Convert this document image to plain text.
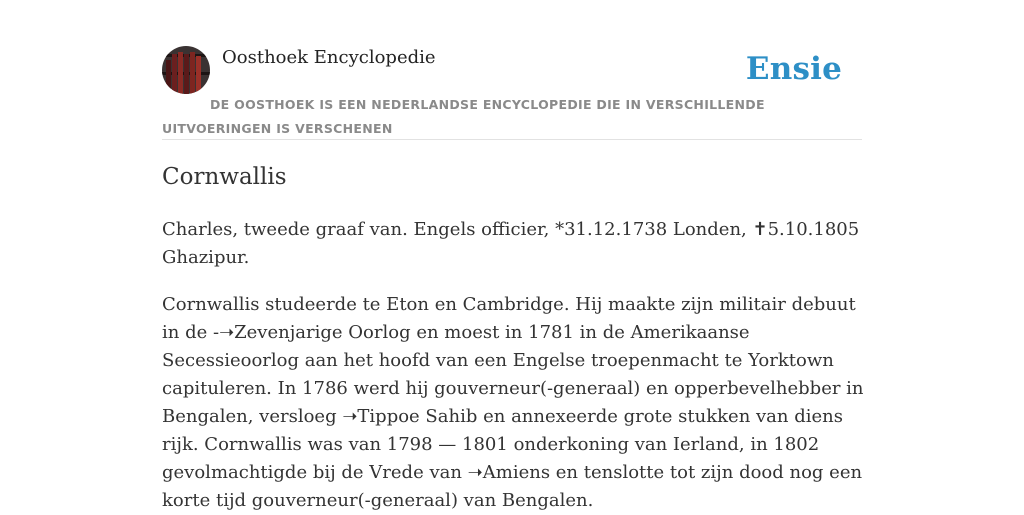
Oosthoek Encyclopedie	Ensie
DE OOSTHOEK IS EEN NEDERLANDSE ENCYCLOPEDIE DIE IN VERSCHILLENDE UITVOERINGEN IS VERSCHENEN
Cornwallis

Charles, tweede graaf van. Engels officier, *31.12.1738 Londen, ✝5.10.1805 Ghazipur.

Cornwallis studeerde te Eton en Cambridge. Hij maakte zijn militair debuut in de -➝Zevenjarige Oorlog en moest in 1781 in de Amerikaanse Secessieoorlog aan het hoofd van een Engelse troepenmacht te Yorktown capituleren. In 1786 werd hij gouverneur(-generaal) en opperbevelhebber in Bengalen, versloeg ➝Tippoe Sahib en annexeerde grote stukken van diens rijk. Cornwallis was van 1798 — 1801 onderkoning van Ierland, in 1802 gevolmachtigde bij de Vrede van ➝Amiens en tenslotte tot zijn dood nog een korte tijd gouverneur(-generaal) van Bengalen.
